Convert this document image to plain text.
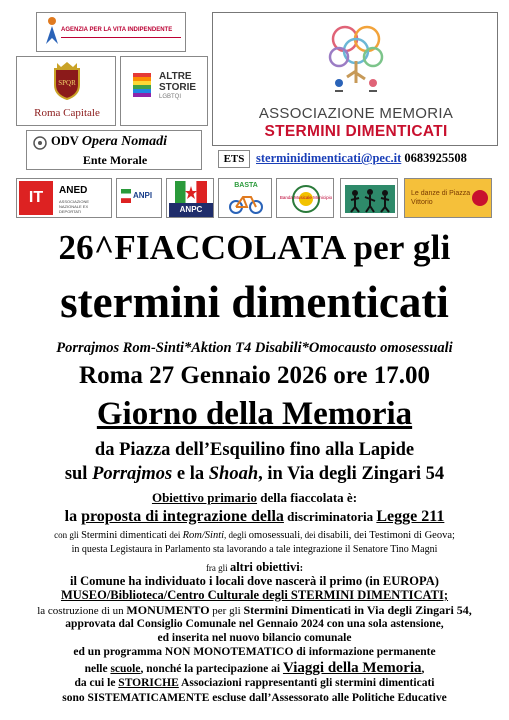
AGENZIA PER LA VITA INDIPENDENTE
SPQR
Roma Capitale
ALTRE
STORIE
LGBTQI
ODV Opera Nomadi
Ente Morale
ASSOCIAZIONE MEMORIA
STERMINI DIMENTICATI
ETS sterminidimenticati@pec.it 0683925508
IT	ANED
ASSOCIAZIONE NAZIONALE EX DEPORTATI
ANPI
ANPC
BASTA
Banda Musicale Municipio
Le danze di Piazza Vittorio
26^FIACCOLATA per gli
stermini dimenticati
Porrajmos Rom-Sinti*Aktion T4 Disabili*Omocausto omosessuali
Roma 27 Gennaio 2026 ore 17.00
Giorno della Memoria
da Piazza dell’Esquilino fino alla Lapide
sul Porrajmos e la Shoah, in Via degli Zingari 54
Obiettivo primario della fiaccolata è:
la proposta di integrazione della discriminatoria Legge 211
con gli Stermini dimenticati dei Rom/Sinti, degli omosessuali, dei disabili, dei Testimoni di Geova;
in questa Legistaura in Parlamento sta lavorando a tale integrazione il Senatore Tino Magni
fra gli altri obiettivi:
il Comune ha individuato i locali dove nascerà il primo (in EUROPA)
MUSEO/Biblioteca/Centro Culturale degli STERMINI DIMENTICATI;
la costruzione di un MONUMENTO per gli Stermini Dimenticati in Via degli Zingari 54,
approvata dal Consiglio Comunale nel Gennaio 2024 con una sola astensione,
ed inserita nel nuovo bilancio comunale
ed un programma NON MONOTEMATICO di informazione permanente
nelle scuole, nonché la partecipazione ai Viaggi della Memoria,
da cui le STORICHE Associazioni rappresentanti gli stermini dimenticati
sono SISTEMATICAMENTE escluse dall’Assessorato alle Politiche Educative
